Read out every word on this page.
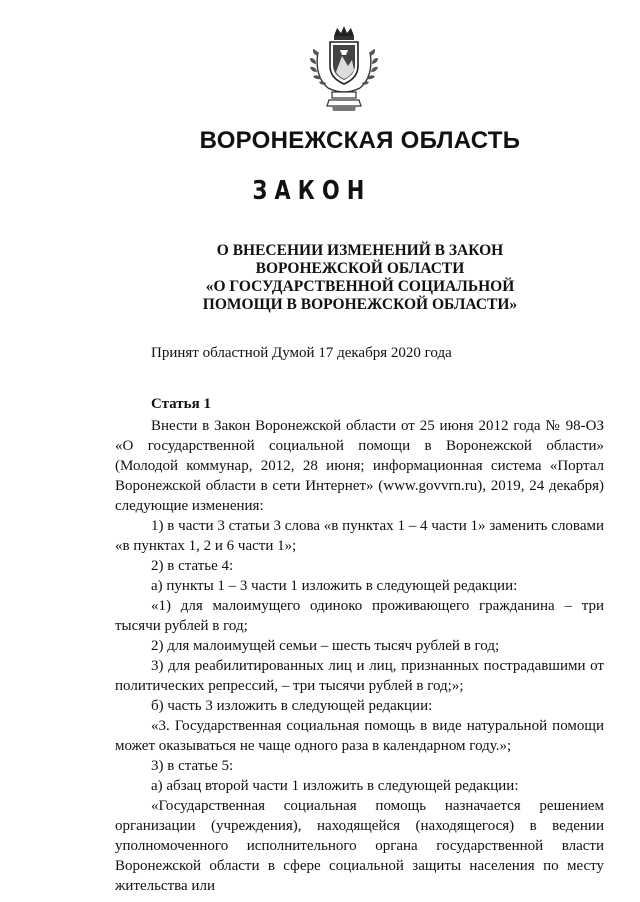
ВОРОНЕЖСКАЯ ОБЛАСТЬ
ЗАКОН
О ВНЕСЕНИИ ИЗМЕНЕНИЙ В ЗАКОН
ВОРОНЕЖСКОЙ ОБЛАСТИ
«О ГОСУДАРСТВЕННОЙ СОЦИАЛЬНОЙ
ПОМОЩИ В ВОРОНЕЖСКОЙ ОБЛАСТИ»
Принят областной Думой 17 декабря 2020 года
Статья 1

Внести в Закон Воронежской области от 25 июня 2012 года № 98-ОЗ «О государственной социальной помощи в Воронежской области» (Молодой коммунар, 2012, 28 июня; информационная система «Портал Воронежской области в сети Интернет» (www.govvrn.ru), 2019, 24 декабря) следующие изменения:

1) в части 3 статьи 3 слова «в пунктах 1 – 4 части 1» заменить словами «в пунктах 1, 2 и 6 части 1»;

2) в статье 4:

а) пункты 1 – 3 части 1 изложить в следующей редакции:

«1) для малоимущего одиноко проживающего гражданина – три тысячи рублей в год;

2) для малоимущей семьи – шесть тысяч рублей в год;

3) для реабилитированных лиц и лиц, признанных пострадавшими от политических репрессий, – три тысячи рублей в год;»;

б) часть 3 изложить в следующей редакции:

«3. Государственная социальная помощь в виде натуральной помощи может оказываться не чаще одного раза в календарном году.»;

3) в статье 5:

а) абзац второй части 1 изложить в следующей редакции:

«Государственная социальная помощь назначается решением организации (учреждения), находящейся (находящегося) в ведении уполномоченного исполнительного органа государственной власти Воронежской области в сфере социальной защиты населения по месту жительства или
